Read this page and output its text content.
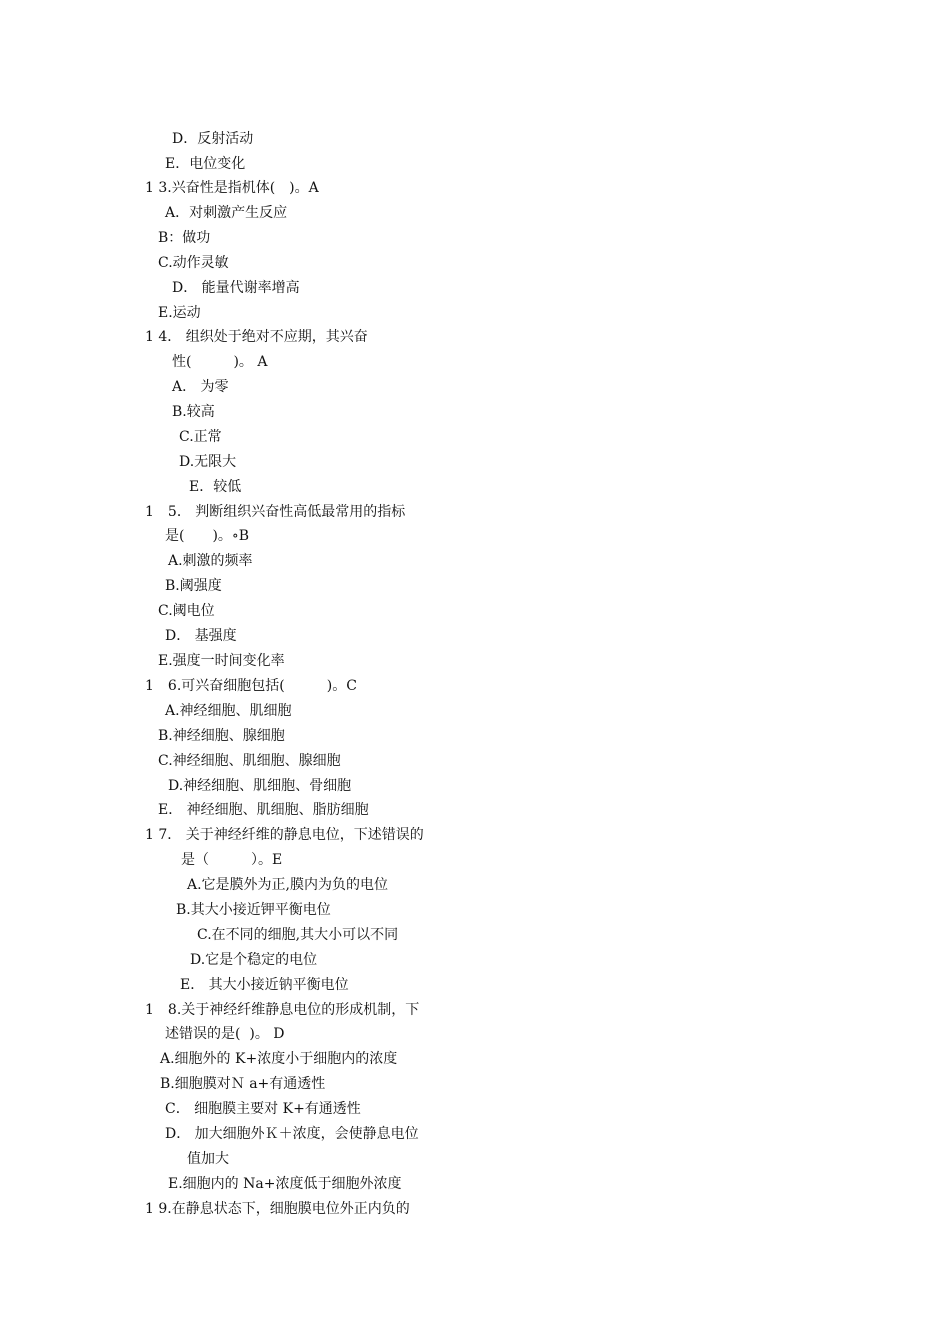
D．反射活动
E．电位变化
1 3.兴奋性是指机体(　)。A
A．对刺激产生反应
B：做功
C.动作灵敏
D． 能量代谢率增高
E.运动
1 4． 组织处于绝对不应期，其兴奋
性(　　　)。 A
A． 为零
B.较高
C.正常
D.无限大
E．较低
1　5． 判断组织兴奋性高低最常用的指标
是(　　)。∘B
A.刺激的频率
B.阈强度
C.阈电位
D． 基强度
E.强度一时间变化率
1　6.可兴奋细胞包括(　　　)。C
A.神经细胞、肌细胞
B.神经细胞、腺细胞
C.神经细胞、肌细胞、腺细胞
D.神经细胞、肌细胞、骨细胞
E． 神经细胞、肌细胞、脂肪细胞
1 7． 关于神经纤维的静息电位，下述错误的
是（　　　）。E
A.它是膜外为正,膜内为负的电位
B.其大小接近钾平衡电位
C.在不同的细胞,其大小可以不同
D.它是个稳定的电位
E． 其大小接近钠平衡电位
1　8.关于神经纤维静息电位的形成机制，下
述错误的是(  )。 D
A.细胞外的 K+浓度小于细胞内的浓度
B.细胞膜对Ｎ a+有通透性
C． 细胞膜主要对 K+有通透性
D． 加大细胞外Ｋ＋浓度，会使静息电位
值加大
E.细胞内的 Na+浓度低于细胞外浓度
1 9.在静息状态下，细胞膜电位外正内负的
